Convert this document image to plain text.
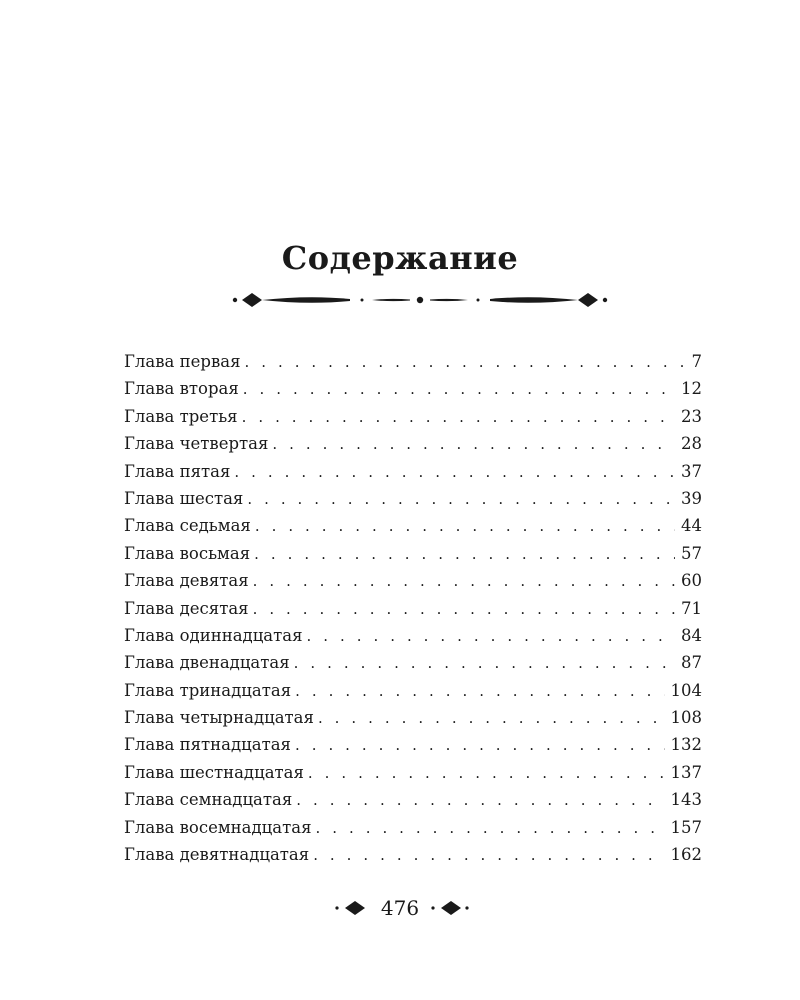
Содержание
Глава первая . . .	7
Глава вторая . . .	12
Глава третья . . .	23
Глава четвертая . . .	28
Глава пятая . . .	37
Глава шестая . . .	39
Глава седьмая . . .	44
Глава восьмая . . .	57
Глава девятая . . .	60
Глава десятая . . .	71
Глава одиннадцатая . . .	84
Глава двенадцатая . . .	87
Глава тринадцатая . . .	104
Глава четырнадцатая . . .	108
Глава пятнадцатая . . .	132
Глава шестнадцатая . . .	137
Глава семнадцатая . . .	143
Глава восемнадцатая . . .	157
Глава девятнадцатая . . .	162
476
